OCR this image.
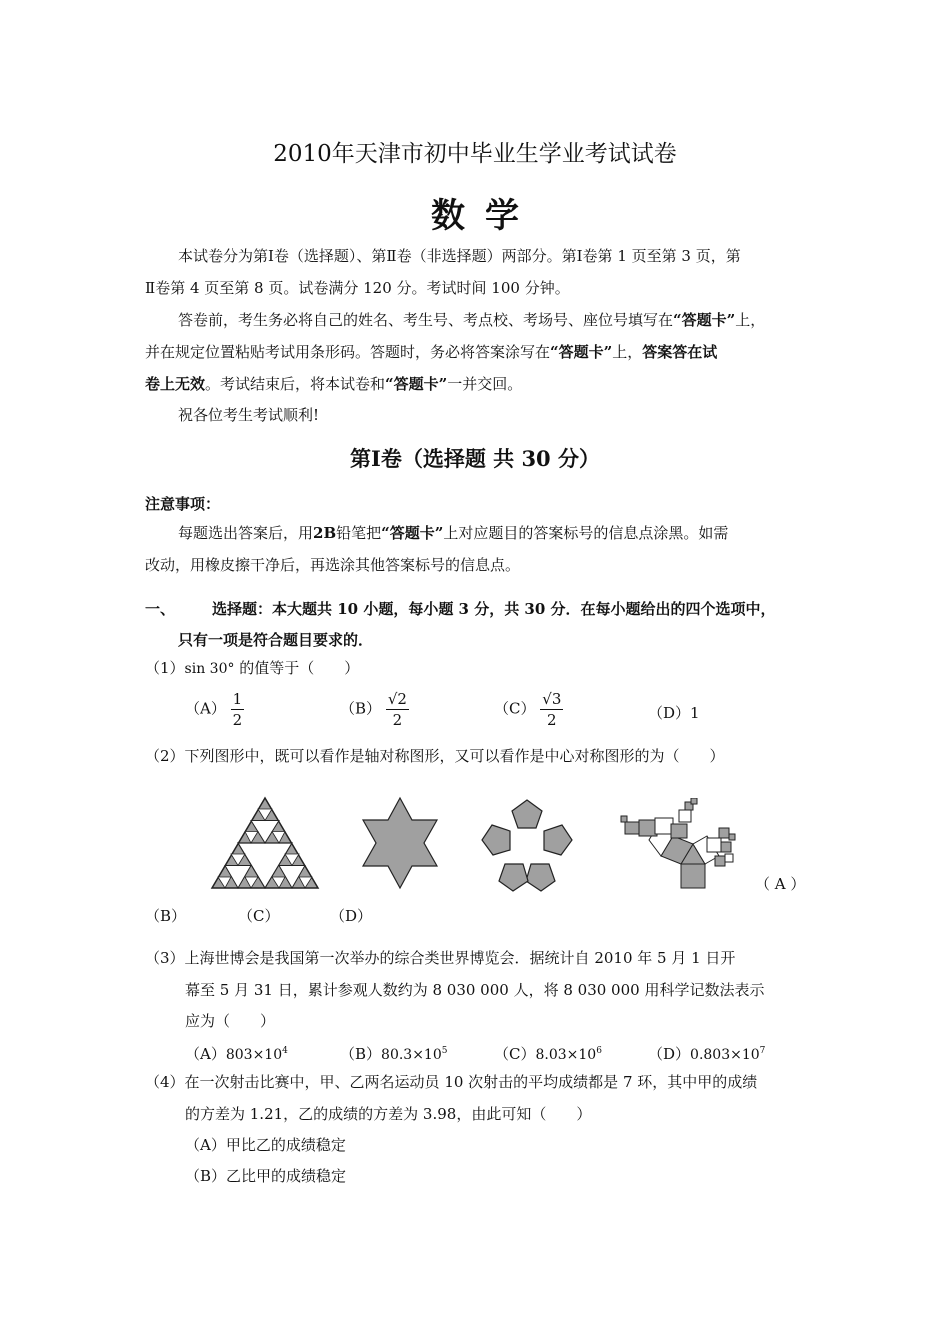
2010年天津市初中毕业生学业考试试卷
数学
本试卷分为第Ⅰ卷（选择题）、第Ⅱ卷（非选择题）两部分。第Ⅰ卷第 1 页至第 3 页，第
Ⅱ卷第 4 页至第 8 页。试卷满分 120 分。考试时间 100 分钟。
答卷前，考生务必将自己的姓名、考生号、考点校、考场号、座位号填写在“答题卡”上，
并在规定位置粘贴考试用条形码。答题时，务必将答案涂写在“答题卡”上，答案答在试
卷上无效。考试结束后，将本试卷和“答题卡”一并交回。
祝各位考生考试顺利!
第Ⅰ卷（选择题 共 30 分）
注意事项：
每题选出答案后，用2B铅笔把“答题卡”上对应题目的答案标号的信息点涂黑。如需
改动，用橡皮擦干净后，再选涂其他答案标号的信息点。
一、 选择题：本大题共 10 小题，每小题 3 分，共 30 分．在每小题给出的四个选项中，
只有一项是符合题目要求的．
（1）sin 30° 的值等于（　　）
$(A) \frac{1}{2}$	$(B) \frac{√2}{2}$	$(C) \frac{√3}{2}$	（D）1
（2）下列图形中，既可以看作是轴对称图形，又可以看作是中心对称图形的为（　　）
（ A ）
（B）	（C）	（D）
（3）上海世博会是我国第一次举办的综合类世界博览会．据统计自 2010 年 5 月 1 日开
幕至 5 月 31 日，累计参观人数约为 8 030 000 人，将 8 030 000 用科学记数法表示
应为（　　）
$(A)803\times 10^4$	$(B)80.3\times 10^5$	$(C)8.03\times 10^6$	$(D)0.803\times 10^7$
（4）在一次射击比赛中，甲、乙两名运动员 10 次射击的平均成绩都是 7 环，其中甲的成绩
的方差为 1.21，乙的成绩的方差为 3.98，由此可知（　　）
（A）甲比乙的成绩稳定
（B）乙比甲的成绩稳定
